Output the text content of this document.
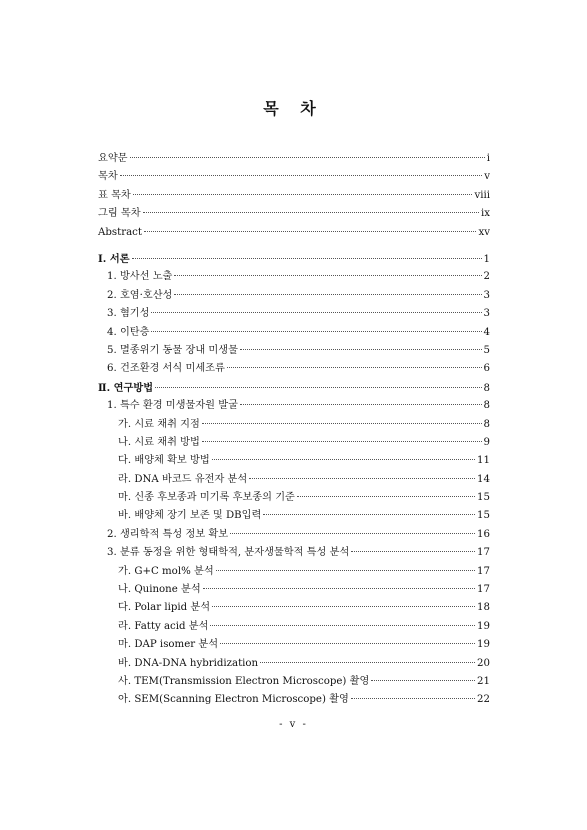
목 차
요약문	i
목차	v
표 목차	viii
그림 목차	ix
Abstract	xv
Ⅰ. 서론	1
1. 방사선 노출	2
2. 호염·호산성	3
3. 혐기성	3
4. 이탄층	4
5. 멸종위기 동물 장내 미생물	5
6. 건조환경 서식 미세조류	6
Ⅱ. 연구방법	8
1. 특수 환경 미생물자원 발굴	8
가. 시료 채취 지점	8
나. 시료 채취 방법	9
다. 배양체 확보 방법	11
라. DNA 바코드 유전자 분석	14
마. 신종 후보종과 미기록 후보종의 기준	15
바. 배양체 장기 보존 및 DB입력	15
2. 생리학적 특성 정보 확보	16
3. 분류 동정을 위한 형태학적, 분자생물학적 특성 분석	17
가. G+C mol% 분석	17
나. Quinone 분석	17
다. Polar lipid 분석	18
라. Fatty acid 분석	19
마. DAP isomer 분석	19
바. DNA-DNA hybridization	20
사. TEM(Transmission Electron Microscope) 촬영	21
아. SEM(Scanning Electron Microscope) 촬영	22
- v -
